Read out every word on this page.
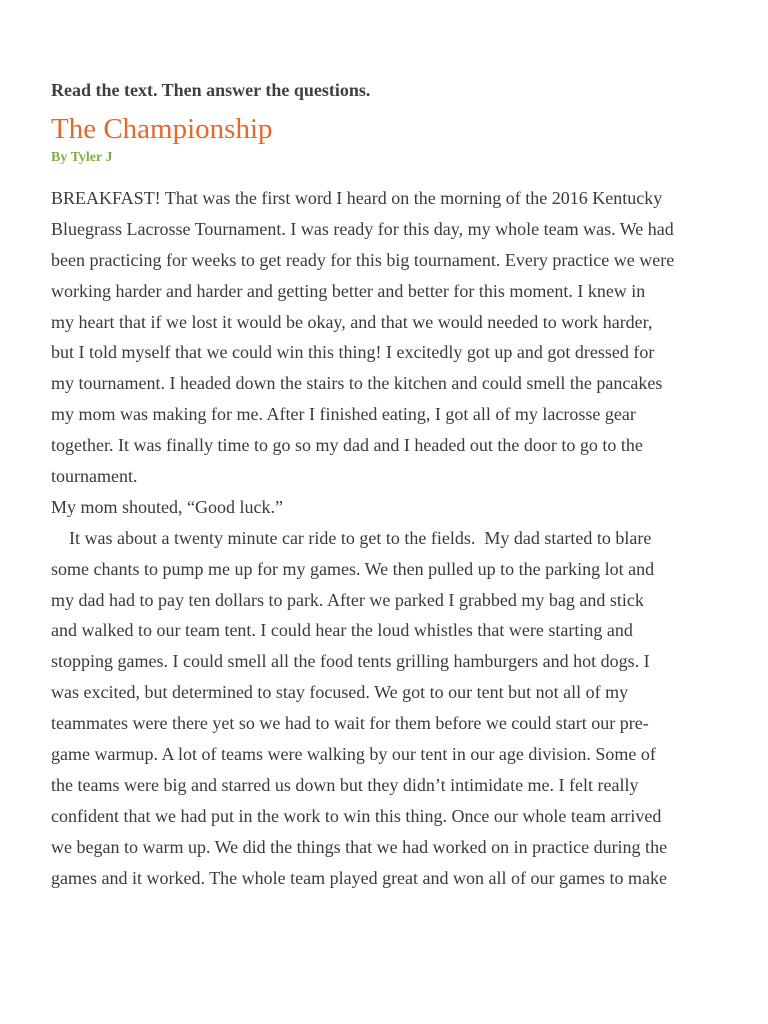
Read the text. Then answer the questions.
The Championship
By Tyler J
BREAKFAST! That was the first word I heard on the morning of the 2016 Kentucky
Bluegrass Lacrosse Tournament. I was ready for this day, my whole team was. We had
been practicing for weeks to get ready for this big tournament. Every practice we were
working harder and harder and getting better and better for this moment. I knew in
my heart that if we lost it would be okay, and that we would needed to work harder,
but I told myself that we could win this thing! I excitedly got up and got dressed for
my tournament. I headed down the stairs to the kitchen and could smell the pancakes
my mom was making for me. After I finished eating, I got all of my lacrosse gear
together. It was finally time to go so my dad and I headed out the door to go to the
tournament.
My mom shouted, “Good luck.”
It was about a twenty minute car ride to get to the fields.  My dad started to blare
some chants to pump me up for my games. We then pulled up to the parking lot and
my dad had to pay ten dollars to park. After we parked I grabbed my bag and stick
and walked to our team tent. I could hear the loud whistles that were starting and
stopping games. I could smell all the food tents grilling hamburgers and hot dogs. I
was excited, but determined to stay focused. We got to our tent but not all of my
teammates were there yet so we had to wait for them before we could start our pre-
game warmup. A lot of teams were walking by our tent in our age division. Some of
the teams were big and starred us down but they didn’t intimidate me. I felt really
confident that we had put in the work to win this thing. Once our whole team arrived
we began to warm up. We did the things that we had worked on in practice during the
games and it worked. The whole team played great and won all of our games to make
